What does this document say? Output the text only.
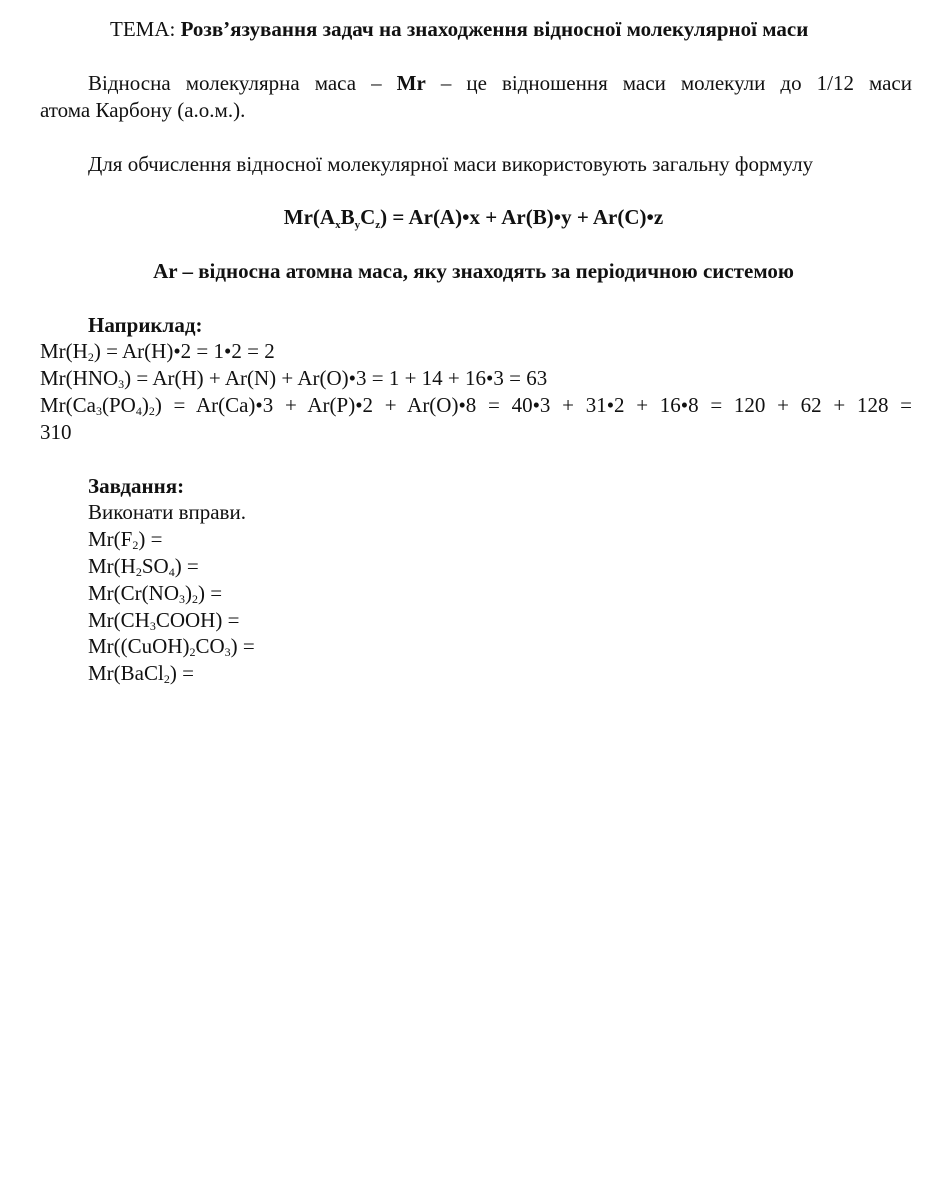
ТЕМА: Розв’язування задач на знаходження відносної молекулярної маси
Відносна молекулярна маса – Mr – це відношення маси молекули до 1/12 маси
атома Карбону (а.о.м.).
Для обчислення відносної молекулярної маси використовують загальну формулу
$Mr(A_xB_yC_z)$ = Ar(A)•x + Ar(B)•y + Ar(C)•z
Ar – відносна атомна маса, яку знаходять за періодичною системою
Наприклад:
$Mr(H_2)$ = Ar(H)•2 = 1•2 = 2
$Mr(HNO_3) = Ar(H) + Ar(N)$ + Ar(O)•3 = 1 + 14 + 16•3 = 63
$Mr(Ca_3(PO_4)_2)$ = Ar(Ca)•3 + Ar(P)•2 + Ar(O)•8 = 40•3 + 31•2 + 16•8 = 120 + 62 + 128 =
310
Завдання:
Виконати вправи.
$Mr(F_2)$ =
$Mr(H_2SO_4)$ =
$Mr(Cr(NO_3)_2)$ =
$Mr(CH_3COOH)$ =
$Mr((CuOH)_2CO_3)$ =
Mr(BaCl$_2$) =
